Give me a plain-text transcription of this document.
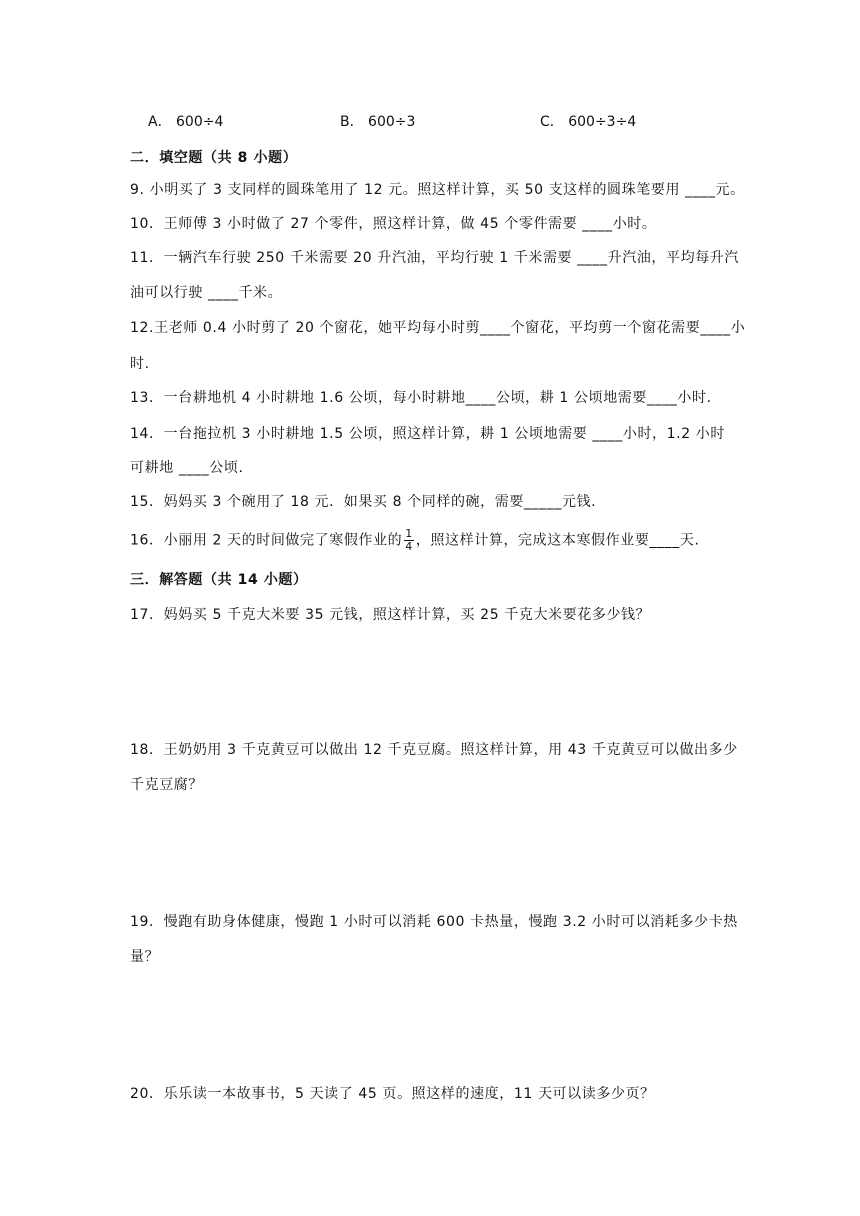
A． 600÷4	B． 600÷3	C． 600÷3÷4
二．填空题（共 8 小题）
9. 小明买了 3 支同样的圆珠笔用了 12 元。照这样计算，买 50 支这样的圆珠笔要用 ____元。
10．王师傅 3 小时做了 27 个零件，照这样计算，做 45 个零件需要 ____小时。
11．一辆汽车行驶 250 千米需要 20 升汽油，平均行驶 1 千米需要 ____升汽油，平均每升汽
油可以行驶 ____千米。
12.王老师 0.4 小时剪了 20 个窗花，她平均每小时剪____个窗花，平均剪一个窗花需要____小
时.
13．一台耕地机 4 小时耕地 1.6 公顷，每小时耕地____公顷，耕 1 公顷地需要____小时.
14．一台拖拉机 3 小时耕地 1.5 公顷，照这样计算，耕 1 公顷地需要 ____小时，1.2 小时
可耕地 ____公顷.
15．妈妈买 3 个碗用了 18 元．如果买 8 个同样的碗，需要_____元钱.
16．小丽用 2 天的时间做完了寒假作业的 $\frac{1}{4}$ ，照这样计算，完成这本寒假作业要____天.
三．解答题（共 14 小题）
17．妈妈买 5 千克大米要 35 元钱，照这样计算，买 25 千克大米要花多少钱？
18．王奶奶用 3 千克黄豆可以做出 12 千克豆腐。照这样计算，用 43 千克黄豆可以做出多少
千克豆腐？
19．慢跑有助身体健康，慢跑 1 小时可以消耗 600 卡热量，慢跑 3.2 小时可以消耗多少卡热
量？
20．乐乐读一本故事书，5 天读了 45 页。照这样的速度，11 天可以读多少页？
